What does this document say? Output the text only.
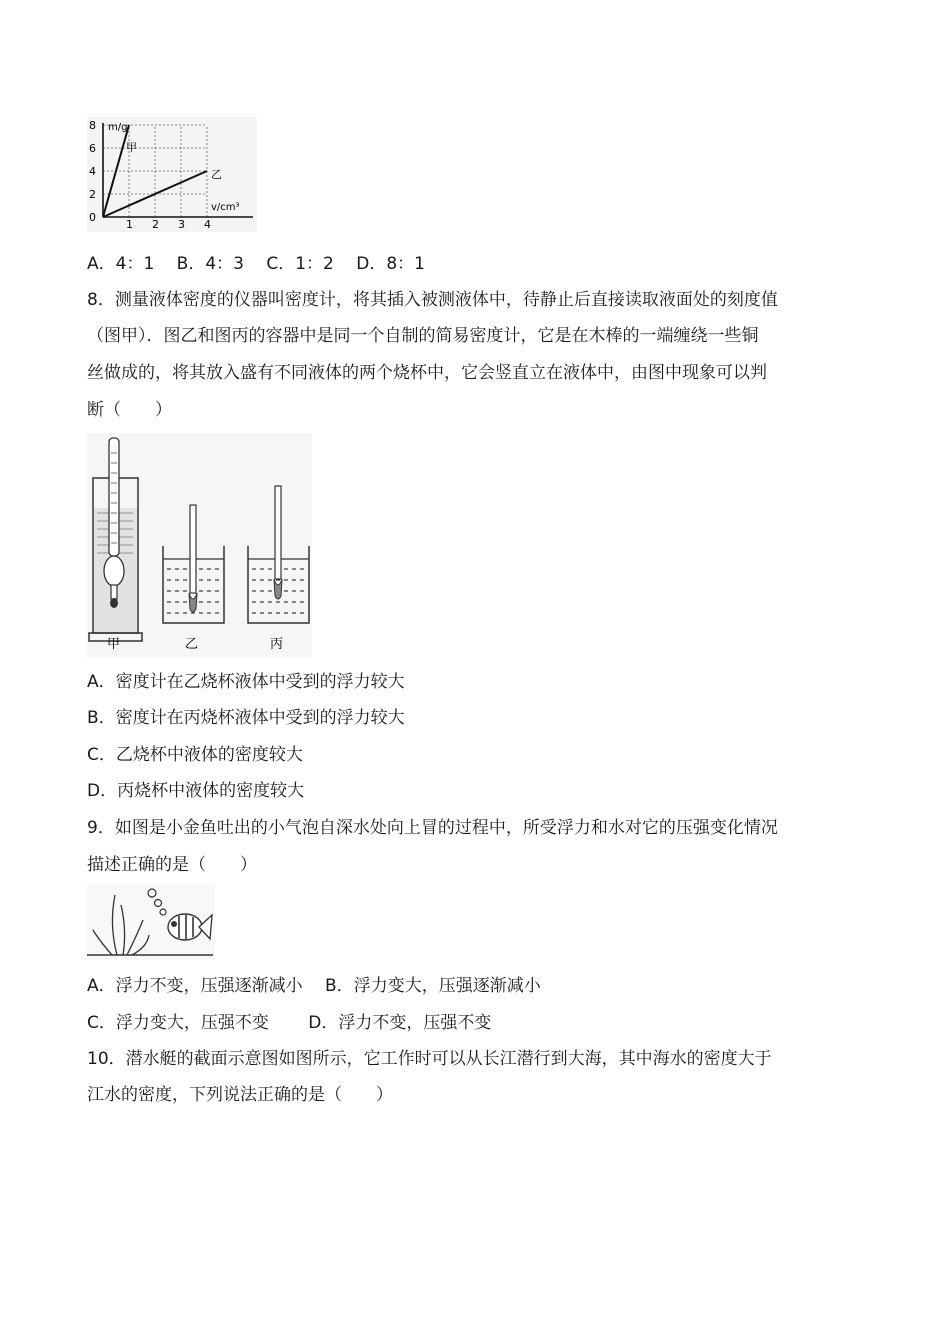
8
6
4
2
0
1 2 3 4
m/g
v/cm³
甲
乙
A．4：1　 B．4：3　 C．1：2　 D．8：1
8．测量液体密度的仪器叫密度计，将其插入被测液体中，待静止后直接读取液面处的刻度值
（图甲）．图乙和图丙的容器中是同一个自制的简易密度计，它是在木棒的一端缠绕一些铜
丝做成的，将其放入盛有不同液体的两个烧杯中，它会竖直立在液体中，由图中现象可以判
断（　　）
甲	乙	丙
A．密度计在乙烧杯液体中受到的浮力较大
B．密度计在丙烧杯液体中受到的浮力较大
C．乙烧杯中液体的密度较大
D．丙烧杯中液体的密度较大
9．如图是小金鱼吐出的小气泡自深水处向上冒的过程中，所受浮力和水对它的压强变化情况
描述正确的是（　　）
A．浮力不变，压强逐渐减小　 B．浮力变大，压强逐渐减小
C．浮力变大，压强不变　　 D．浮力不变，压强不变
10．潜水艇的截面示意图如图所示，它工作时可以从长江潜行到大海，其中海水的密度大于
江水的密度，下列说法正确的是（　　）
